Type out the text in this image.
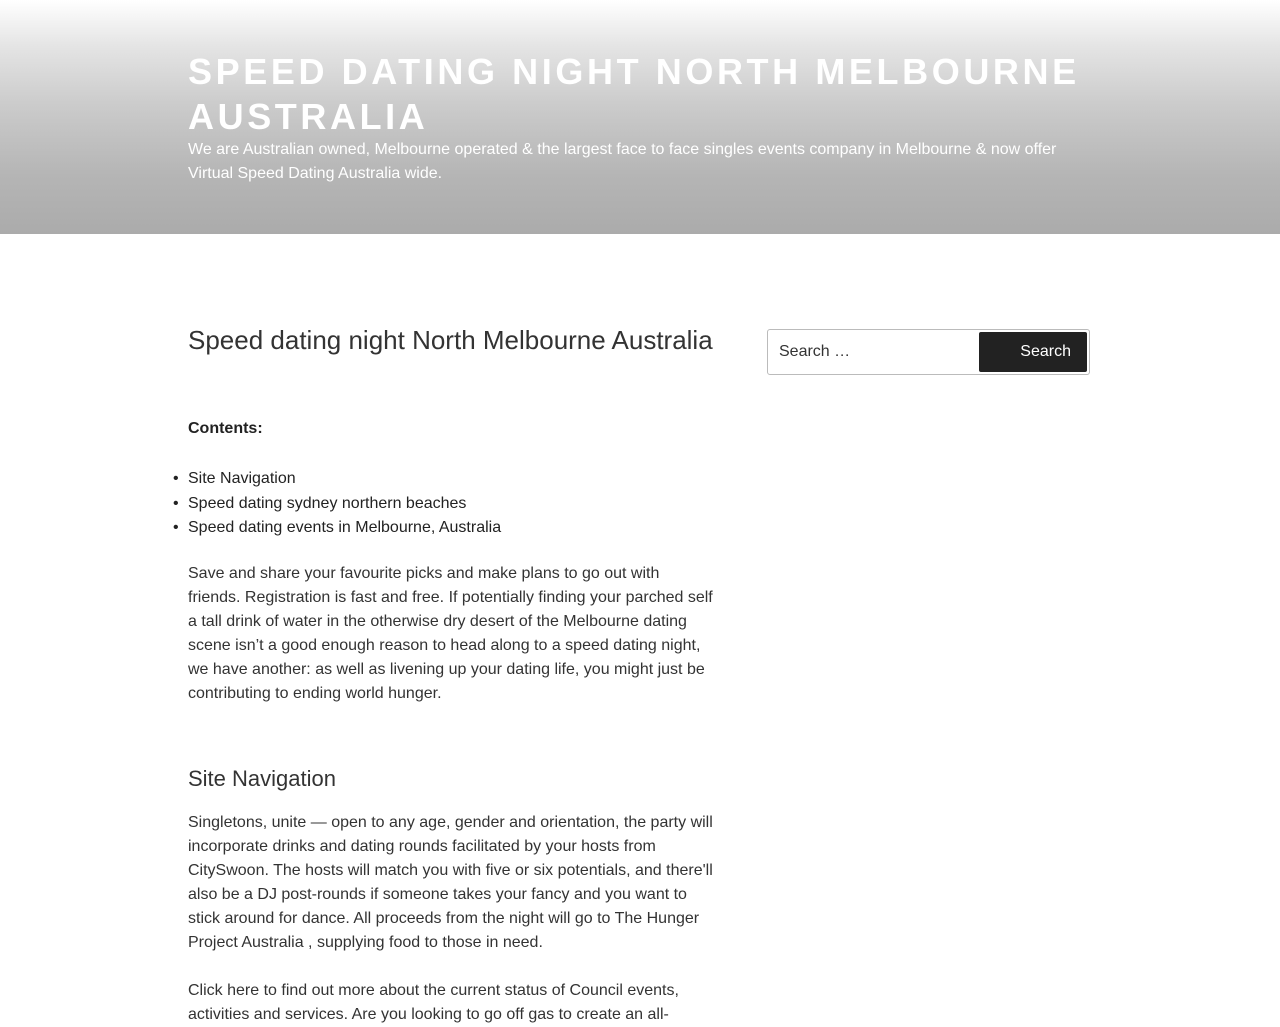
SPEED DATING NIGHT NORTH MELBOURNE AUSTRALIA

We are Australian owned, Melbourne operated & the largest face to face singles events company in Melbourne & now offer Virtual Speed Dating Australia wide.

Speed dating night North Melbourne Australia

Contents:

• Site Navigation
• Speed dating sydney northern beaches
• Speed dating events in Melbourne, Australia

Save and share your favourite picks and make plans to go out with friends. Registration is fast and free. If potentially finding your parched self a tall drink of water in the otherwise dry desert of the Melbourne dating scene isn’t a good enough reason to head along to a speed dating night, we have another: as well as livening up your dating life, you might just be contributing to ending world hunger.

Site Navigation

Singletons, unite — open to any age, gender and orientation, the party will incorporate drinks and dating rounds facilitated by your hosts from CitySwoon. The hosts will match you with five or six potentials, and there'll also be a DJ post-rounds if someone takes your fancy and you want to stick around for dance. All proceeds from the night will go to The Hunger Project Australia , supplying food to those in need.

Click here to find out more about the current status of Council events, activities and services. Are you looking to go off gas to create an all-

Search …
Search
